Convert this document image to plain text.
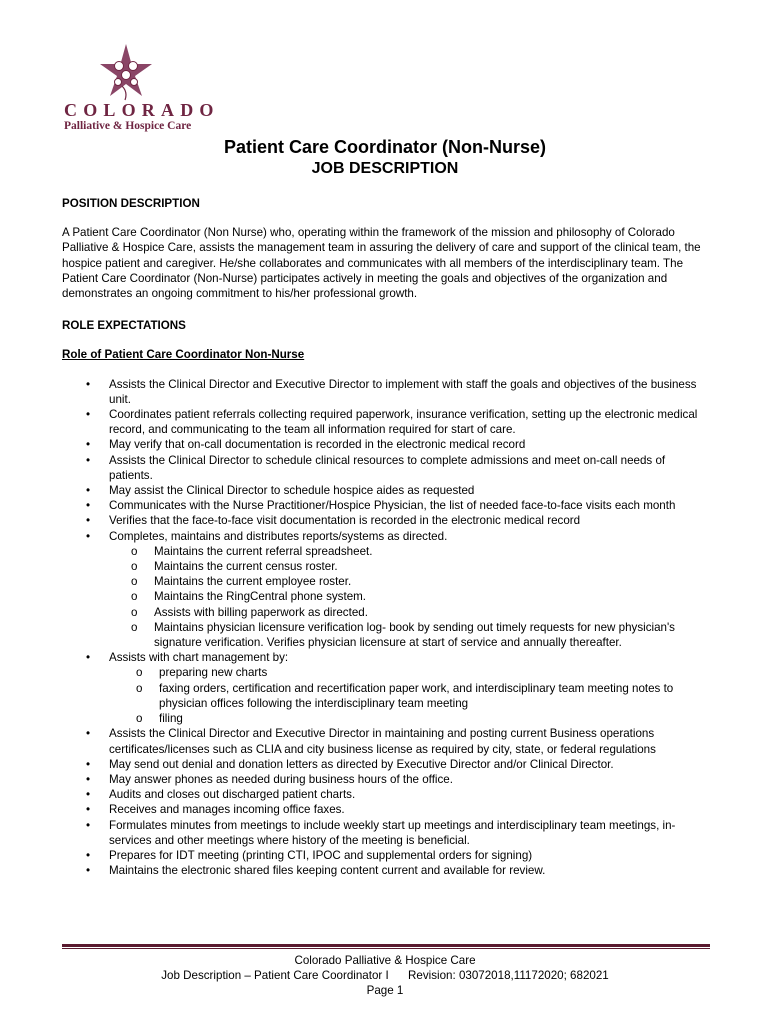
COLORADO
Palliative & Hospice Care
Patient Care Coordinator (Non-Nurse)
JOB DESCRIPTION

POSITION DESCRIPTION

A Patient Care Coordinator (Non Nurse) who, operating within the framework of the mission and philosophy of Colorado Palliative & Hospice Care, assists the management team in assuring the delivery of care and support of the clinical team, the hospice patient and caregiver. He/she collaborates and communicates with all members of the interdisciplinary team. The Patient Care Coordinator (Non-Nurse) participates actively in meeting the goals and objectives of the organization and demonstrates an ongoing commitment to his/her professional growth.

ROLE EXPECTATIONS

Role of Patient Care Coordinator Non-Nurse

• Assists the Clinical Director and Executive Director to implement with staff the goals and objectives of the business unit.
• Coordinates patient referrals collecting required paperwork, insurance verification, setting up the electronic medical record, and communicating to the team all information required for start of care.
• May verify that on-call documentation is recorded in the electronic medical record
• Assists the Clinical Director to schedule clinical resources to complete admissions and meet on-call needs of patients.
• May assist the Clinical Director to schedule hospice aides as requested
• Communicates with the Nurse Practitioner/Hospice Physician, the list of needed face-to-face visits each month
• Verifies that the face-to-face visit documentation is recorded in the electronic medical record
• Completes, maintains and distributes reports/systems as directed.
o Maintains the current referral spreadsheet.
o Maintains the current census roster.
o Maintains the current employee roster.
o Maintains the RingCentral phone system.
o Assists with billing paperwork as directed.
o Maintains physician licensure verification log- book by sending out timely requests for new physician's signature verification. Verifies physician licensure at start of service and annually thereafter.
• Assists with chart management by:
o preparing new charts
o faxing orders, certification and recertification paper work, and interdisciplinary team meeting notes to physician offices following the interdisciplinary team meeting
o filing
• Assists the Clinical Director and Executive Director in maintaining and posting current Business operations certificates/licenses such as CLIA and city business license as required by city, state, or federal regulations
• May send out denial and donation letters as directed by Executive Director and/or Clinical Director.
• May answer phones as needed during business hours of the office.
• Audits and closes out discharged patient charts.
• Receives and manages incoming office faxes.
• Formulates minutes from meetings to include weekly start up meetings and interdisciplinary team meetings, in-services and other meetings where history of the meeting is beneficial.
• Prepares for IDT meeting (printing CTI, IPOC and supplemental orders for signing)
• Maintains the electronic shared files keeping content current and available for review.
Colorado Palliative & Hospice Care
Job Description – Patient Care Coordinator I      Revision: 03072018,11172020; 682021
Page 1
